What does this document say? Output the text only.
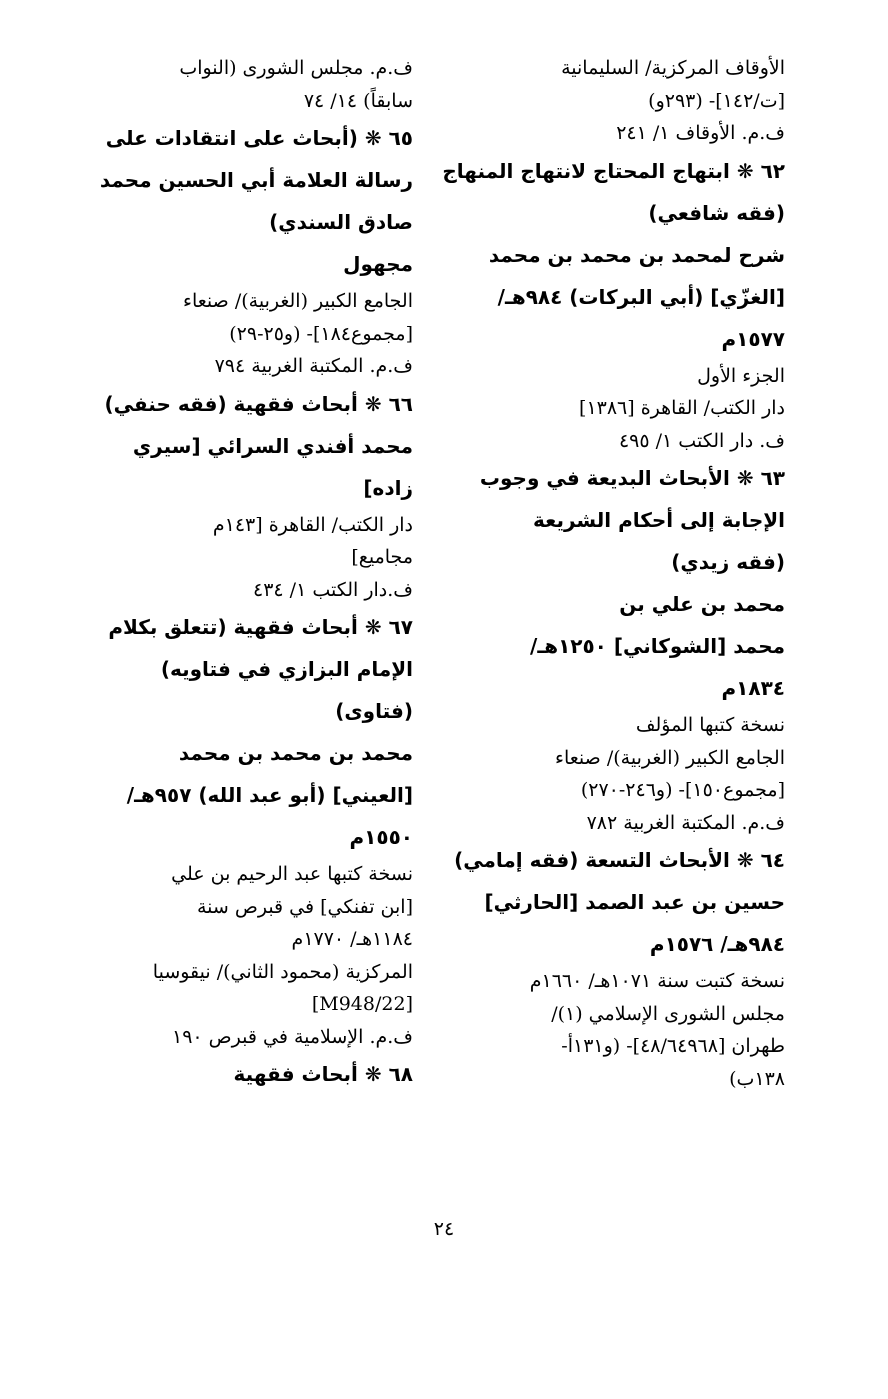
الأوقاف المركزية/ السليمانية
[ت/١٤٢]- (٢٩٣و)
ف.م. الأوقاف ١/ ٢٤١
٦٢ ❋ ابتهاج المحتاج لانتهاج المنهاج
(فقه شافعي)
شرح لمحمد بن محمد بن محمد
[الغزّي] (أبي البركات) ٩٨٤هـ/
١٥٧٧م
الجزء الأول
دار الكتب/ القاهرة [١٣٨٦]
ف. دار الكتب ١/ ٤٩٥
٦٣ ❋ الأبحاث البديعة في وجوب
الإجابة إلى أحكام الشريعة
(فقه زيدي)
محمد بن علي بن
محمد [الشوكاني] ١٢٥٠هـ/
١٨٣٤م
نسخة كتبها المؤلف
الجامع الكبير (الغربية)/ صنعاء
[مجموع١٥٠]- (و٢٤٦-٢٧٠)
ف.م. المكتبة الغربية ٧٨٢
٦٤ ❋ الأبحاث التسعة (فقه إمامي)
حسين بن عبد الصمد [الحارثي]
٩٨٤هـ/ ١٥٧٦م
نسخة كتبت سنة ١٠٧١هـ/ ١٦٦٠م
مجلس الشورى الإسلامي (١)/
طهران [٤٨/٦٤٩٦٨]- (و١٣١أ-
١٣٨ب)
ف.م. مجلس الشورى (النواب
سابقاً) ١٤/ ٧٤
٦٥ ❋ (أبحاث على انتقادات على
رسالة العلامة أبي الحسين محمد
صادق السندي)
مجهول
الجامع الكبير (الغربية)/ صنعاء
[مجموع١٨٤]- (و٢٥-٢٩)
ف.م. المكتبة الغربية ٧٩٤
٦٦ ❋ أبحاث فقهية (فقه حنفي)
محمد أفندي السرائي [سيري
زاده]
دار الكتب/ القاهرة [١٤٣م
مجاميع]
ف.دار الكتب ١/ ٤٣٤
٦٧ ❋ أبحاث فقهية (تتعلق بكلام
الإمام البزازي في فتاويه)
(فتاوى)
محمد بن محمد بن محمد
[العيني] (أبو عبد الله) ٩٥٧هـ/
١٥٥٠م
نسخة كتبها عبد الرحيم بن علي
[ابن تفنكي] في قبرص سنة
١١٨٤هـ/ ١٧٧٠م
المركزية (محمود الثاني)/ نيقوسيا
[M948/22]
ف.م. الإسلامية في قبرص ١٩٠
٦٨ ❋ أبحاث فقهية
٢٤
